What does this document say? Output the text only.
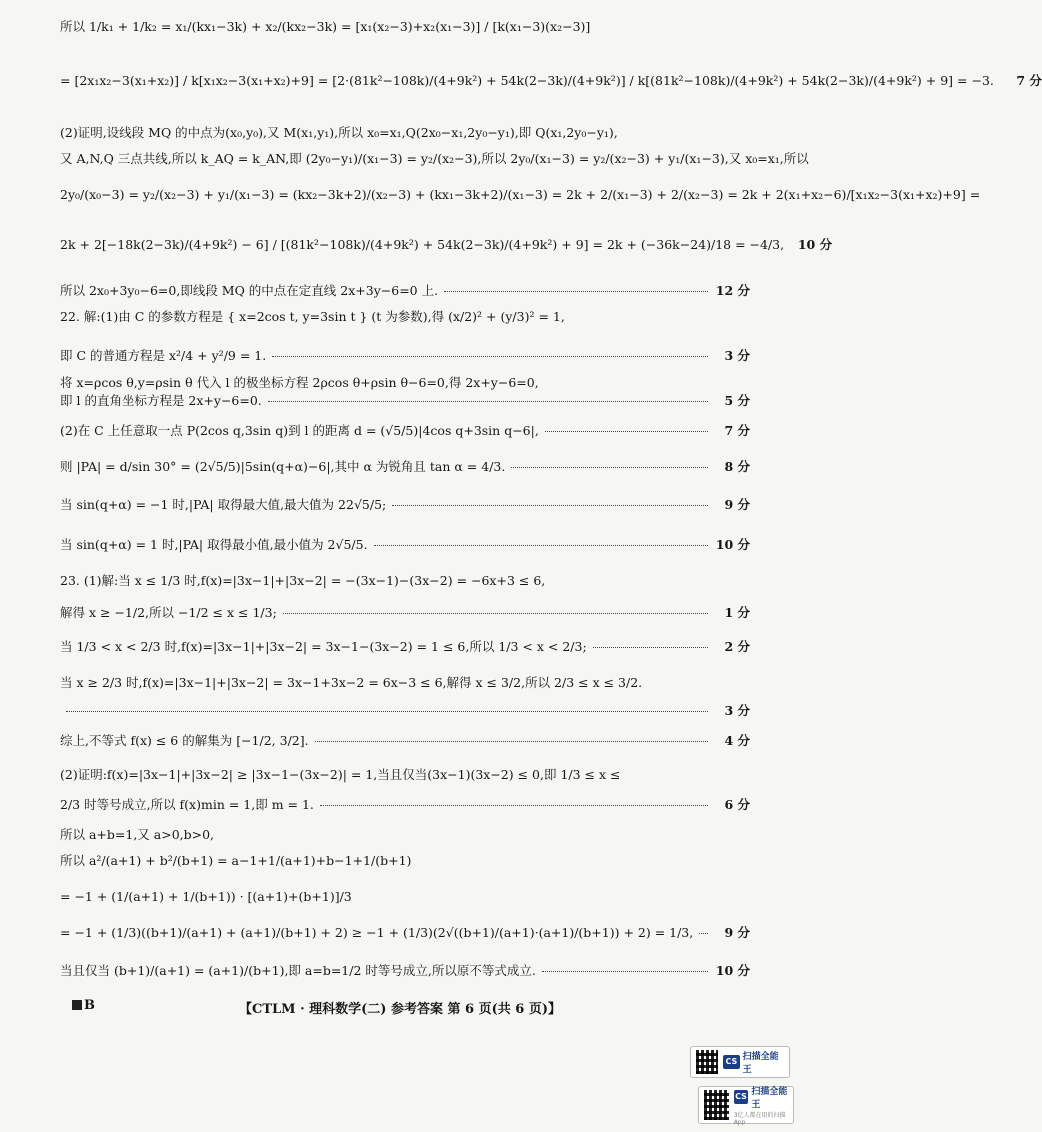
所以 1/k₁ + 1/k₂ = x₁/(kx₁−3k) + x₂/(kx₂−3k) = [x₁(x₂−3)+x₂(x₁−3)] / [k(x₁−3)(x₂−3)]
= [2x₁x₂−3(x₁+x₂)] / k[x₁x₂−3(x₁+x₂)+9] = [2·(81k²−108k)/(4+9k²) + 54k(2−3k)/(4+9k²)] / k[(81k²−108k)/(4+9k²) + 54k(2−3k)/(4+9k²) + 9] = −3.	7 分
(2)证明,设线段 MQ 的中点为(x₀,y₀),又 M(x₁,y₁),所以 x₀=x₁,Q(2x₀−x₁,2y₀−y₁),即 Q(x₁,2y₀−y₁),
又 A,N,Q 三点共线,所以 k_AQ = k_AN,即 (2y₀−y₁)/(x₁−3) = y₂/(x₂−3),所以 2y₀/(x₁−3) = y₂/(x₂−3) + y₁/(x₁−3),又 x₀=x₁,所以
2y₀/(x₀−3) = y₂/(x₂−3) + y₁/(x₁−3) = (kx₂−3k+2)/(x₂−3) + (kx₁−3k+2)/(x₁−3) = 2k + 2/(x₁−3) + 2/(x₂−3) = 2k + 2(x₁+x₂−6)/[x₁x₂−3(x₁+x₂)+9] =
2k + 2[−18k(2−3k)/(4+9k²) − 6] / [(81k²−108k)/(4+9k²) + 54k(2−3k)/(4+9k²) + 9] = 2k + (−36k−24)/18 = −4/3, 10 分
所以 2x₀+3y₀−6=0,即线段 MQ 的中点在定直线 2x+3y−6=0 上.	12 分
22. 解:(1)由 C 的参数方程是 { x=2cos t, y=3sin t } (t 为参数),得 (x/2)² + (y/3)² = 1,
即 C 的普通方程是 x²/4 + y²/9 = 1.	3 分
将 x=ρcos θ,y=ρsin θ 代入 l 的极坐标方程 2ρcos θ+ρsin θ−6=0,得 2x+y−6=0,
即 l 的直角坐标方程是 2x+y−6=0.	5 分
(2)在 C 上任意取一点 P(2cos q,3sin q)到 l 的距离 d = (√5/5)|4cos q+3sin q−6|,	7 分
则 |PA| = d/sin 30° = (2√5/5)|5sin(q+α)−6|,其中 α 为锐角且 tan α = 4/3.	8 分
当 sin(q+α) = −1 时,|PA| 取得最大值,最大值为 22√5/5;	9 分
当 sin(q+α) = 1 时,|PA| 取得最小值,最小值为 2√5/5.	10 分
23. (1)解:当 x ≤ 1/3 时,f(x)=|3x−1|+|3x−2| = −(3x−1)−(3x−2) = −6x+3 ≤ 6,
解得 x ≥ −1/2,所以 −1/2 ≤ x ≤ 1/3;	1 分
当 1/3 < x < 2/3 时,f(x)=|3x−1|+|3x−2| = 3x−1−(3x−2) = 1 ≤ 6,所以 1/3 < x < 2/3;	2 分
当 x ≥ 2/3 时,f(x)=|3x−1|+|3x−2| = 3x−1+3x−2 = 6x−3 ≤ 6,解得 x ≤ 3/2,所以 2/3 ≤ x ≤ 3/2.
3 分
综上,不等式 f(x) ≤ 6 的解集为 [−1/2, 3/2].	4 分
(2)证明:f(x)=|3x−1|+|3x−2| ≥ |3x−1−(3x−2)| = 1,当且仅当(3x−1)(3x−2) ≤ 0,即 1/3 ≤ x ≤
2/3 时等号成立,所以 f(x)min = 1,即 m = 1.	6 分
所以 a+b=1,又 a>0,b>0,
所以 a²/(a+1) + b²/(b+1) = a−1+1/(a+1)+b−1+1/(b+1)
= −1 + (1/(a+1) + 1/(b+1)) · [(a+1)+(b+1)]/3
= −1 + (1/3)((b+1)/(a+1) + (a+1)/(b+1) + 2) ≥ −1 + (1/3)(2√((b+1)/(a+1)·(a+1)/(b+1)) + 2) = 1/3,	9 分
当且仅当 (b+1)/(a+1) = (a+1)/(b+1),即 a=b=1/2 时等号成立,所以原不等式成立.	10 分
B	【CTLM · 理科数学(二) 参考答案 第 6 页(共 6 页)】
CS 扫描全能王
CS 扫描全能王
3亿人都在用的扫描App
